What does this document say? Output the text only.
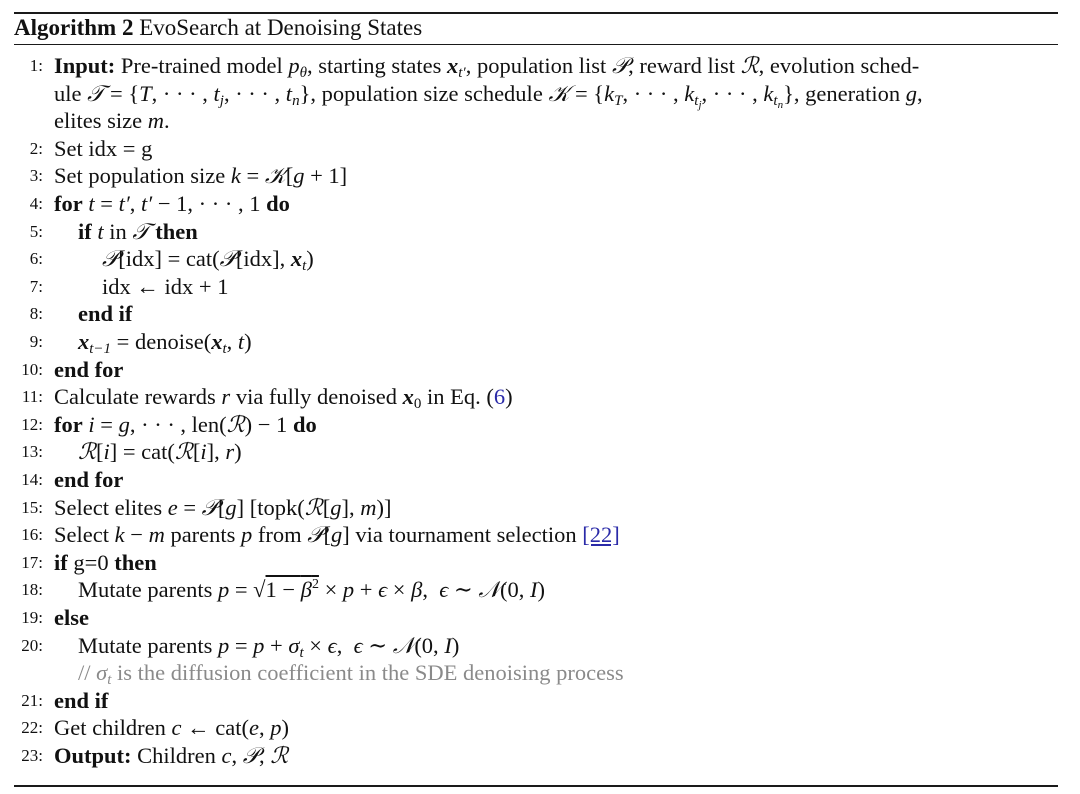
Algorithm 2 EvoSearch at Denoising States
1: Input: Pre-trained model $p_\theta$, starting states $x_{t'}$, population list 𝒫, reward list ℛ, evolution sched-
ule 𝒯 = {T, · · · , $t_j$, · · · , $t_n$}, population size schedule 𝒦 = {$k_T$, · · · , $k_{t_j}$, · · · , $k_{t_n}$}, generation g,
elites size m.
2: Set idx = g
3: Set population size k = 𝒦[g + 1]
4: for t = t′, t′ − 1, · · · , 1 do
5: if t in 𝒯 then
6:	𝒫[idx] = cat(𝒫[idx], $x_t$)
7:	idx ← idx + 1
8: end if
9: $x_{t-1}$ = $denoise(x_t$, t)
10: end for
11: Calculate rewards r via fully denoised $x_0$ in Eq. (6)
12: for i = g, · · · , len(ℛ) − 1 do
13: ℛ[i] = cat(ℛ[i], r)
14: end for
15: Select elites e = 𝒫[g] [topk(ℛ[g], m)]
16: Select k − m parents p from 𝒫[g] via tournament selection [22]
17: if g=0 then
18: Mutate parents $p = √1 - \beta^2 \times p + \epsilon \times \beta$,  ϵ ∼ 𝒩(0, I)
19: else
20: Mutate parents $p = p + \sigma_t \times \epsilon$,  ϵ ∼ 𝒩(0, I)
// $\sigma_t$ is the diffusion coefficient in the SDE denoising process
21: end if
22: Get children c ← cat(e, p)
23: Output: Children c, 𝒫, ℛ
